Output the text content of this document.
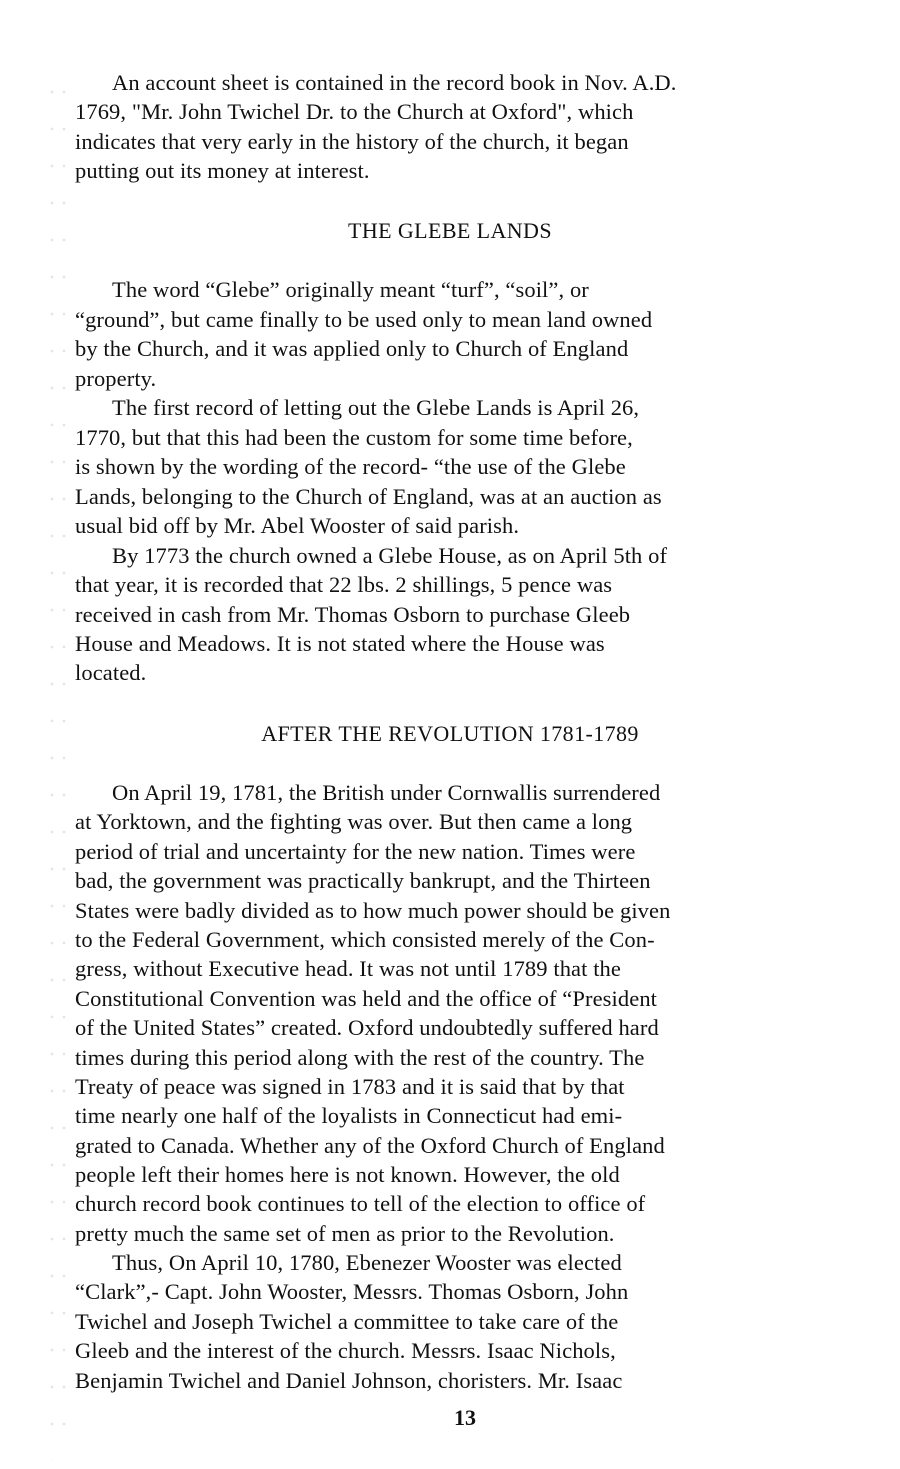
An account sheet is contained in the record book in Nov. A.D.

1769, "Mr. John Twichel Dr. to the Church at Oxford", which

indicates that very early in the history of the church, it began

putting out its money at interest.

THE GLEBE LANDS

The word “Glebe” originally meant “turf”, “soil”, or

“ground”, but came finally to be used only to mean land owned

by the Church, and it was applied only to Church of England

property.

The first record of letting out the Glebe Lands is April 26,

1770, but that this had been the custom for some time before,

is shown by the wording of the record- “the use of the Glebe

Lands, belonging to the Church of England, was at an auction as

usual bid off by Mr. Abel Wooster of said parish.

By 1773 the church owned a Glebe House, as on April 5th of

that year, it is recorded that 22 lbs. 2 shillings, 5 pence was

received in cash from Mr. Thomas Osborn to purchase Gleeb

House and Meadows. It is not stated where the House was

located.

AFTER THE REVOLUTION 1781-1789

On April 19, 1781, the British under Cornwallis surrendered

at Yorktown, and the fighting was over. But then came a long

period of trial and uncertainty for the new nation. Times were

bad, the government was practically bankrupt, and the Thirteen

States were badly divided as to how much power should be given

to the Federal Government, which consisted merely of the Con-

gress, without Executive head. It was not until 1789 that the

Constitutional Convention was held and the office of “President

of the United States” created. Oxford undoubtedly suffered hard

times during this period along with the rest of the country. The

Treaty of peace was signed in 1783 and it is said that by that

time nearly one half of the loyalists in Connecticut had emi-

grated to Canada. Whether any of the Oxford Church of England

people left their homes here is not known. However, the old

church record book continues to tell of the election to office of

pretty much the same set of men as prior to the Revolution.

Thus, On April 10, 1780, Ebenezer Wooster was elected

“Clark”,- Capt. John Wooster, Messrs. Thomas Osborn, John

Twichel and Joseph Twichel a committee to take care of the

Gleeb and the interest of the church. Messrs. Isaac Nichols,

Benjamin Twichel and Daniel Johnson, choristers. Mr. Isaac

13
